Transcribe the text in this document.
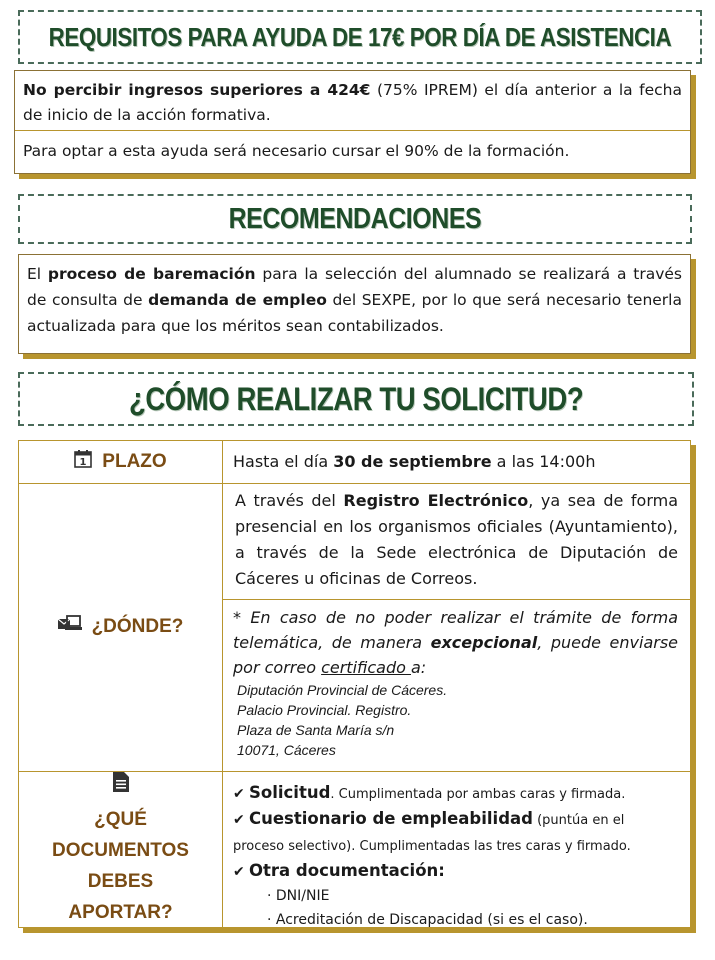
REQUISITOS PARA AYUDA DE 17€ POR DÍA DE ASISTENCIA
No percibir ingresos superiores a 424€ (75% IPREM) el día anterior a la fecha de inicio de la acción formativa.
Para optar a esta ayuda será necesario cursar el 90% de la formación.
RECOMENDACIONES
El proceso de baremación para la selección del alumnado se realizará a través de consulta de demanda de empleo del SEXPE, por lo que será necesario tenerla actualizada para que los méritos sean contabilizados.
¿CÓMO REALIZAR TU SOLICITUD?
1 PLAZO	Hasta el día 30 de septiembre a las 14:00h
¿DÓNDE?
A través del Registro Electrónico, ya sea de forma presencial en los organismos oficiales (Ayuntamiento), a través de la Sede electrónica de Diputación de Cáceres u oficinas de Correos.
* En caso de no poder realizar el trámite de forma telemática, de manera excepcional, puede enviarse por correo certificado a:
Diputación Provincial de Cáceres.
Palacio Provincial. Registro.
Plaza de Santa María s/n
10071, Cáceres
¿QUÉ
DOCUMENTOS
DEBES
APORTAR?
✔ Solicitud. Cumplimentada por ambas caras y firmada.
✔ Cuestionario de empleabilidad (puntúa en el
proceso selectivo). Cumplimentadas las tres caras y firmado.
✔ Otra documentación:
· DNI/NIE
· Acreditación de Discapacidad (si es el caso).
